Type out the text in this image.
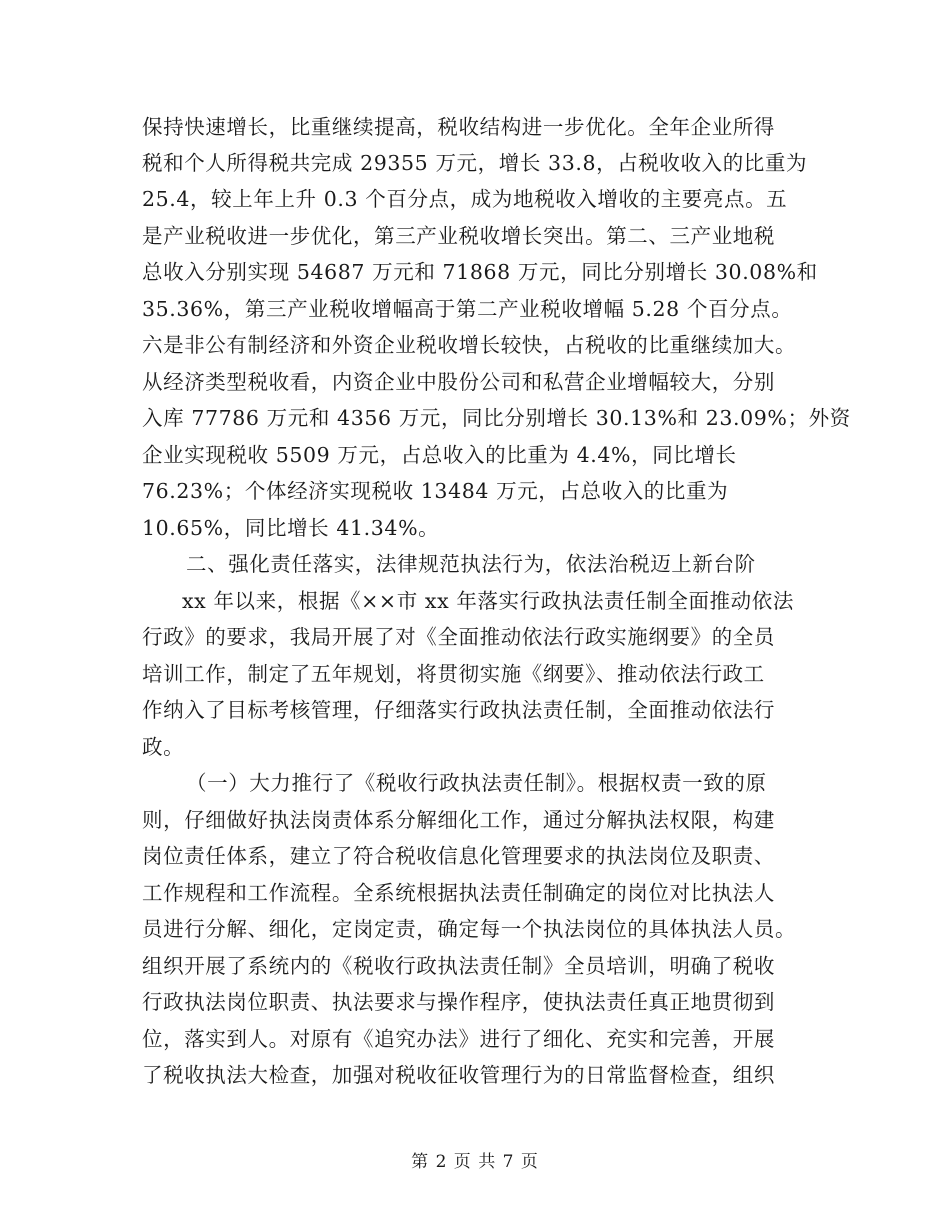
保持快速增长，比重继续提高，税收结构进一步优化。全年企业所得
税和个人所得税共完成 29355 万元，增长 33.8，占税收收入的比重为
25.4，较上年上升 0.3 个百分点，成为地税收入增收的主要亮点。五
是产业税收进一步优化，第三产业税收增长突出。第二、三产业地税
总收入分别实现 54687 万元和 71868 万元，同比分别增长 30.08%和
35.36%，第三产业税收增幅高于第二产业税收增幅 5.28 个百分点。
六是非公有制经济和外资企业税收增长较快，占税收的比重继续加大。
从经济类型税收看，内资企业中股份公司和私营企业增幅较大，分别
入库 77786 万元和 4356 万元，同比分别增长 30.13%和 23.09%；外资
企业实现税收 5509 万元，占总收入的比重为 4.4%，同比增长
76.23%；个体经济实现税收 13484 万元，占总收入的比重为
10.65%，同比增长 41.34%。
二、强化责任落实，法律规范执法行为，依法治税迈上新台阶
xx 年以来，根据《××市 xx 年落实行政执法责任制全面推动依法
行政》的要求，我局开展了对《全面推动依法行政实施纲要》的全员
培训工作，制定了五年规划，将贯彻实施《纲要》、推动依法行政工
作纳入了目标考核管理，仔细落实行政执法责任制，全面推动依法行
政。
（一）大力推行了《税收行政执法责任制》。根据权责一致的原
则，仔细做好执法岗责体系分解细化工作，通过分解执法权限，构建
岗位责任体系，建立了符合税收信息化管理要求的执法岗位及职责、
工作规程和工作流程。全系统根据执法责任制确定的岗位对比执法人
员进行分解、细化，定岗定责，确定每一个执法岗位的具体执法人员。
组织开展了系统内的《税收行政执法责任制》全员培训，明确了税收
行政执法岗位职责、执法要求与操作程序，使执法责任真正地贯彻到
位，落实到人。对原有《追究办法》进行了细化、充实和完善，开展
了税收执法大检查，加强对税收征收管理行为的日常监督检查，组织
第 2 页 共 7 页
